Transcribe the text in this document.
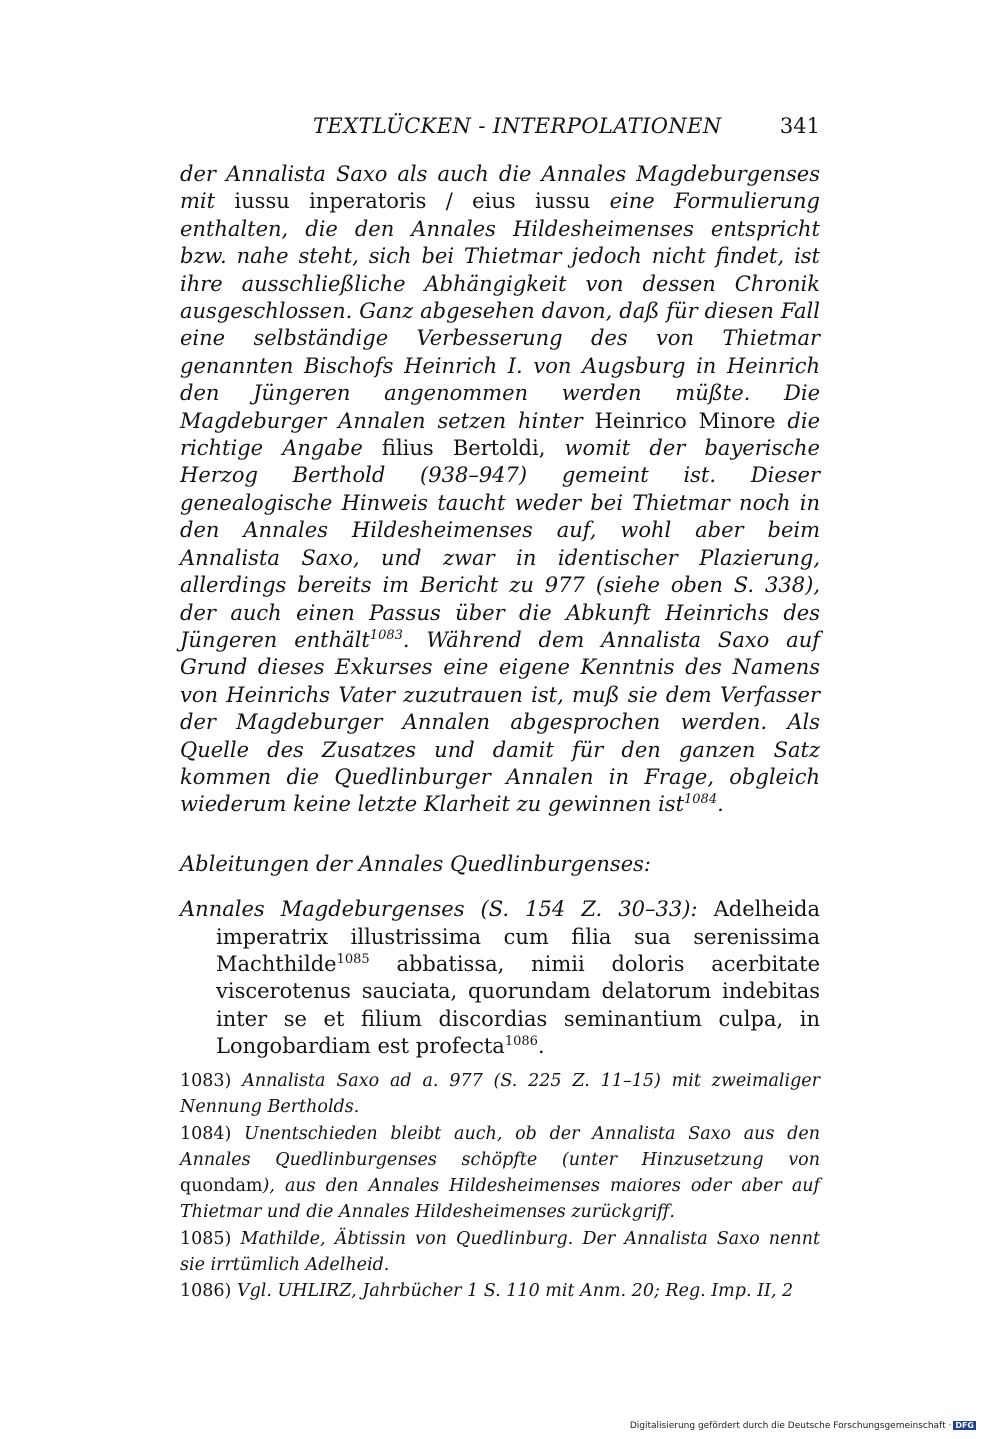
TEXTLÜCKEN - INTERPOLATIONEN	341

der Annalista Saxo als auch die Annales Magdeburgenses mit iussu inperatoris / eius iussu eine Formulierung enthalten, die den Annales Hildesheimenses entspricht bzw. nahe steht, sich bei Thietmar jedoch nicht findet, ist ihre ausschließliche Abhängigkeit von dessen Chronik ausgeschlossen. Ganz abgesehen davon, daß für diesen Fall eine selbständige Verbesserung des von Thietmar genannten Bischofs Heinrich I. von Augsburg in Heinrich den Jüngeren angenommen werden müßte. Die Magdeburger Annalen setzen hinter Heinrico Minore die richtige Angabe filius Bertoldi, womit der bayerische Herzog Berthold (938–947) gemeint ist. Dieser genealogische Hinweis taucht weder bei Thietmar noch in den Annales Hildesheimenses auf, wohl aber beim Annalista Saxo, und zwar in identischer Plazierung, allerdings bereits im Bericht zu 977 (siehe oben S. 338), der auch einen Passus über die Abkunft Heinrichs des Jüngeren enthält$^{1083}$. Während dem Annalista Saxo auf Grund dieses Exkurses eine eigene Kenntnis des Namens von Heinrichs Vater zuzutrauen ist, muß sie dem Verfasser der Magdeburger Annalen abgesprochen werden. Als Quelle des Zusatzes und damit für den ganzen Satz kommen die Quedlinburger Annalen in Frage, obgleich wiederum keine letzte Klarheit zu gewinnen ist$^{1084}$.

Ableitungen der Annales Quedlinburgenses:

Annales Magdeburgenses (S. 154 Z. 30–33): Adelheida imperatrix illustrissima cum filia sua serenissima Machthilde$^{1085}$ abbatissa, nimii doloris acerbitate viscerotenus sauciata, quorundam delatorum indebitas inter se et filium discordias seminantium culpa, in Longobardiam est profecta$^{1086}$.

1083) Annalista Saxo ad a. 977 (S. 225 Z. 11–15) mit zweimaliger Nennung Bertholds.

1084) Unentschieden bleibt auch, ob der Annalista Saxo aus den Annales Quedlinburgenses schöpfte (unter Hinzusetzung von quondam), aus den Annales Hildesheimenses maiores oder aber auf Thietmar und die Annales Hildesheimenses zurückgriff.

1085) Mathilde, Äbtissin von Quedlinburg. Der Annalista Saxo nennt sie irrtümlich Adelheid.

1086) Vgl. UHLIRZ, Jahrbücher 1 S. 110 mit Anm. 20; Reg. Imp. II, 2

Digitalisierung gefördert durch die Deutsche Forschungsgemeinschaft · DFG
